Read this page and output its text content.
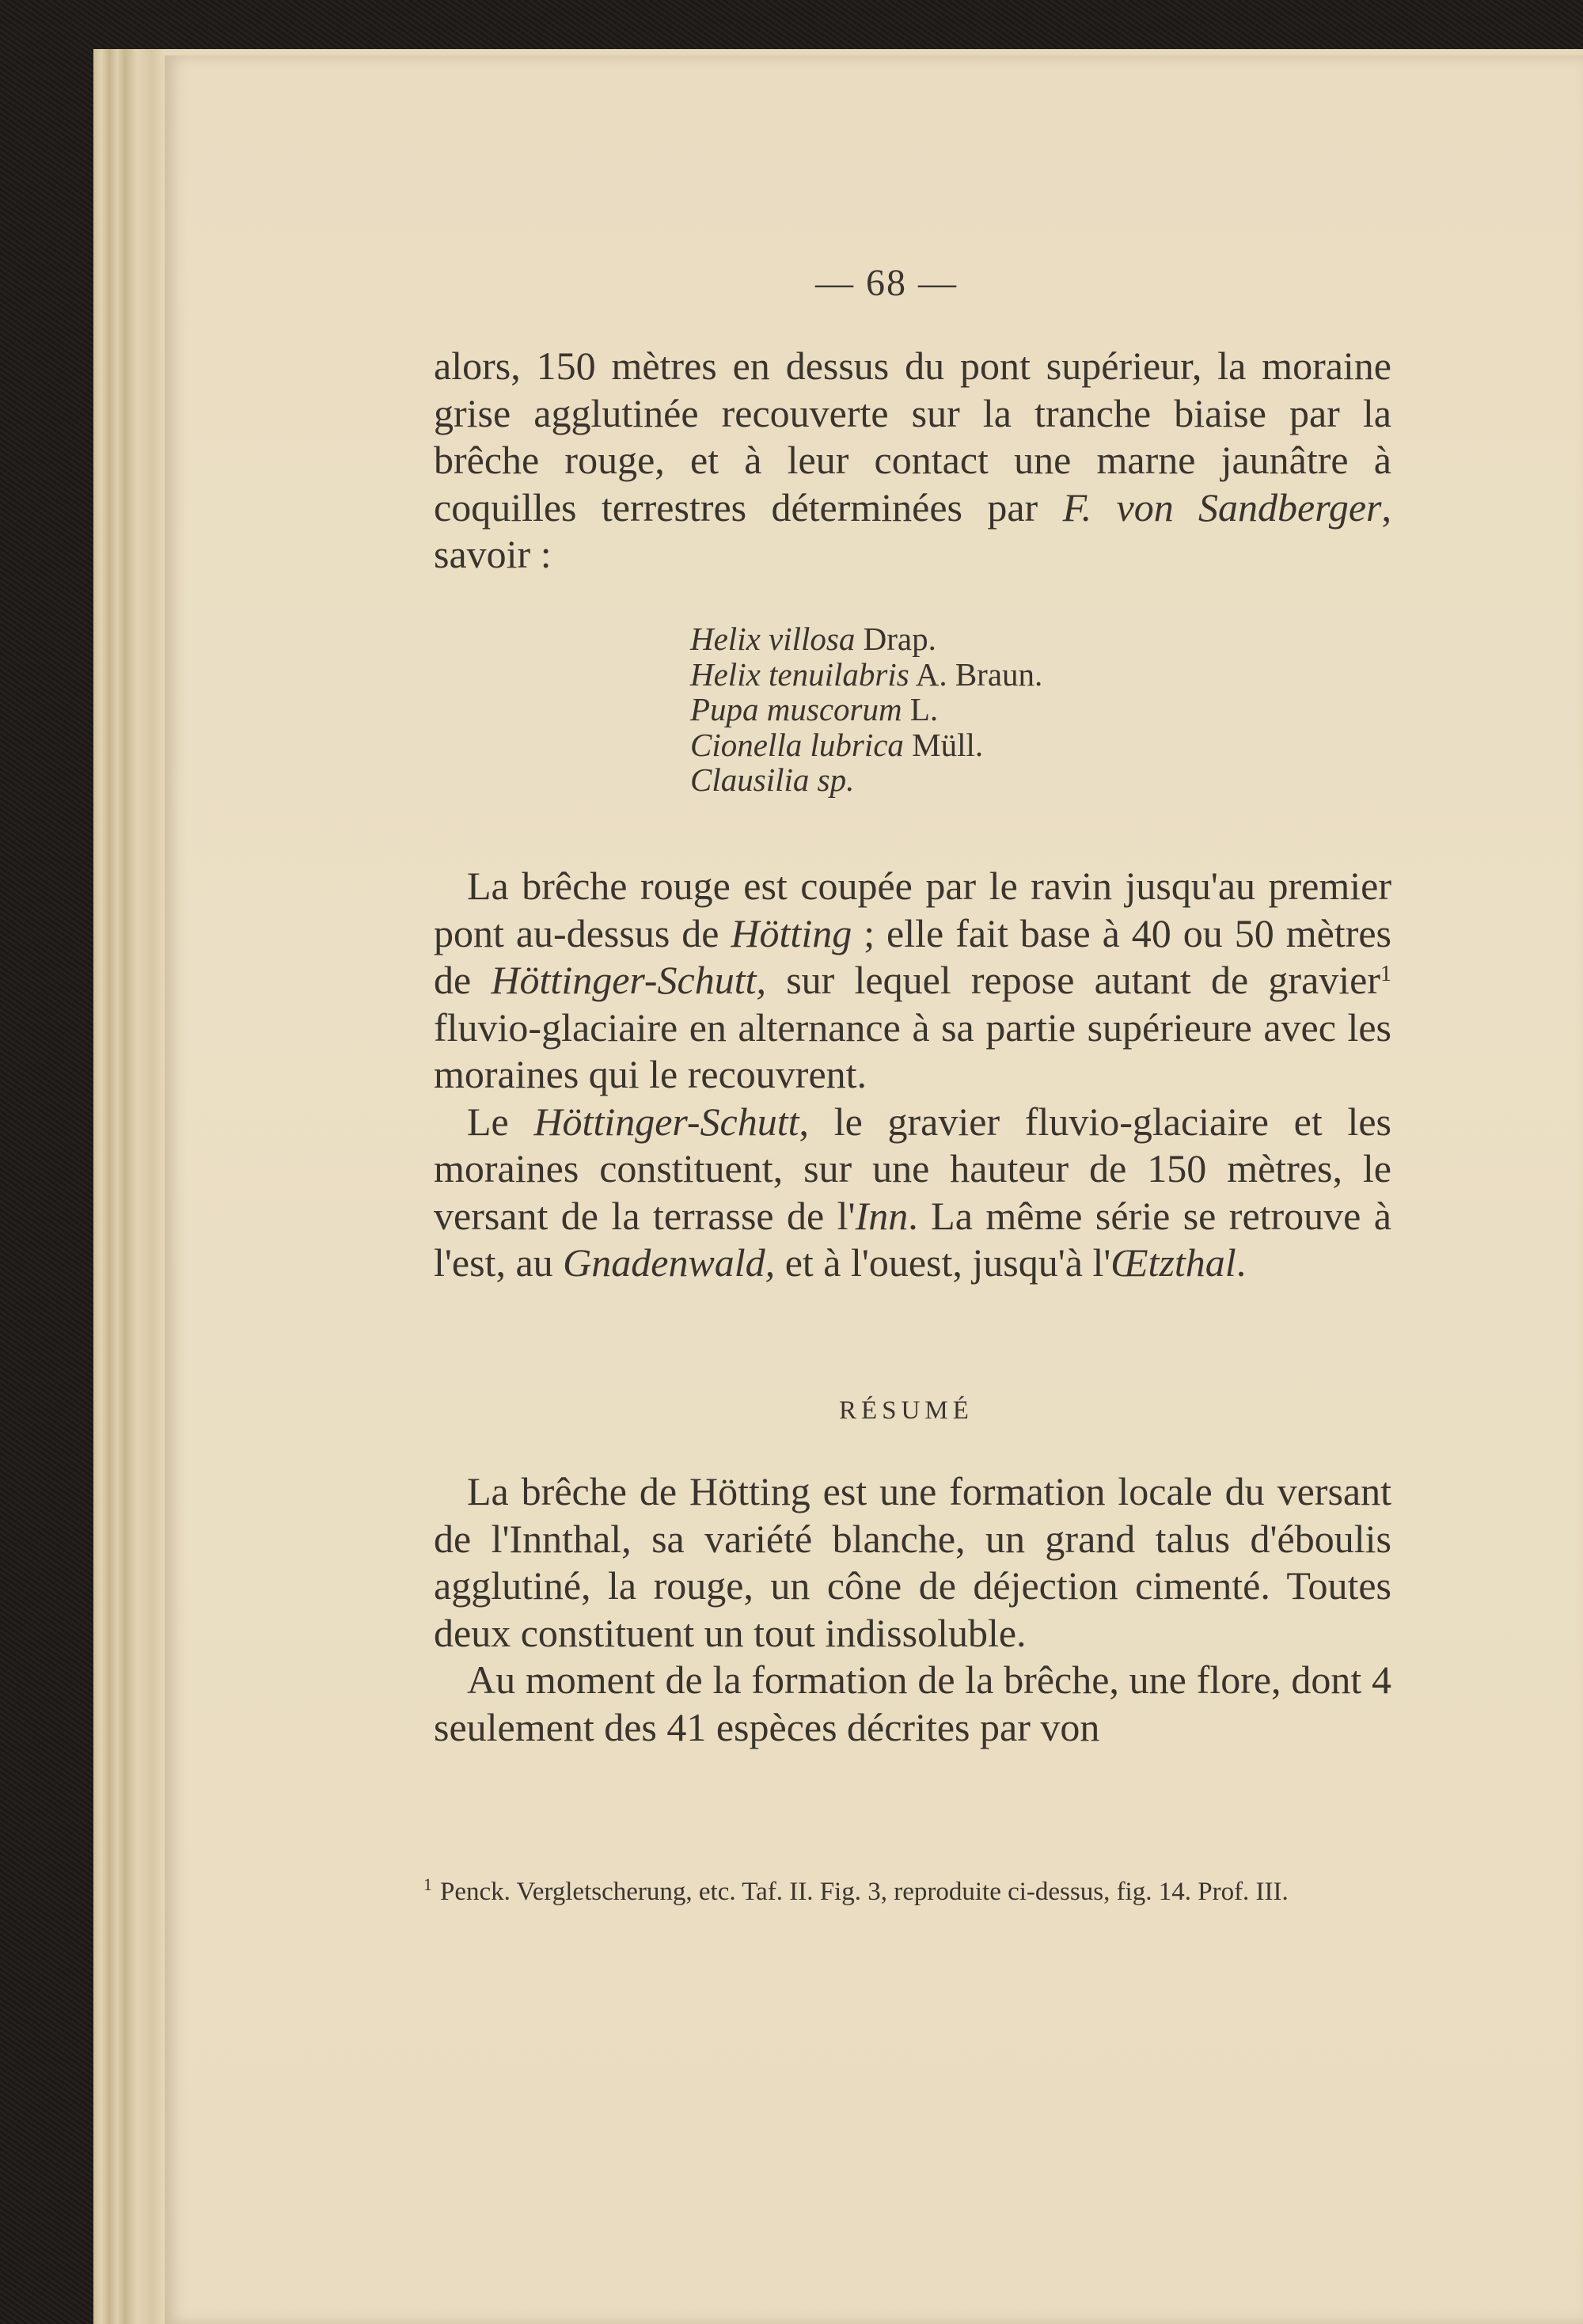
— 68 —

alors, 150 mètres en dessus du pont supérieur, la moraine grise agglutinée recouverte sur la tranche biaise par la brêche rouge, et à leur contact une marne jaunâtre à coquilles terrestres déterminées par F. von Sandberger, savoir :

Helix villosa Drap.
Helix tenuilabris A. Braun.
Pupa muscorum L.
Cionella lubrica Müll.
Clausilia sp.

La brêche rouge est coupée par le ravin jusqu'au premier pont au-dessus de Hötting ; elle fait base à 40 ou 50 mètres de Höttinger-Schutt, sur lequel repose autant de gravier$^1$ fluvio-glaciaire en alternance à sa partie supérieure avec les moraines qui le recouvrent.

Le Höttinger-Schutt, le gravier fluvio-glaciaire et les moraines constituent, sur une hauteur de 150 mètres, le versant de la terrasse de l'Inn. La même série se retrouve à l'est, au Gnadenwald, et à l'ouest, jusqu'à l'Œtzthal.

RÉSUMÉ

La brêche de Hötting est une formation locale du versant de l'Innthal, sa variété blanche, un grand talus d'éboulis agglutiné, la rouge, un cône de déjection cimenté. Toutes deux constituent un tout indissoluble.

Au moment de la formation de la brêche, une flore, dont 4 seulement des 41 espèces décrites par von

$^1$ Penck. Vergletscherung, etc. Taf. II. Fig. 3, reproduite ci-dessus, fig. 14. Prof. III.
